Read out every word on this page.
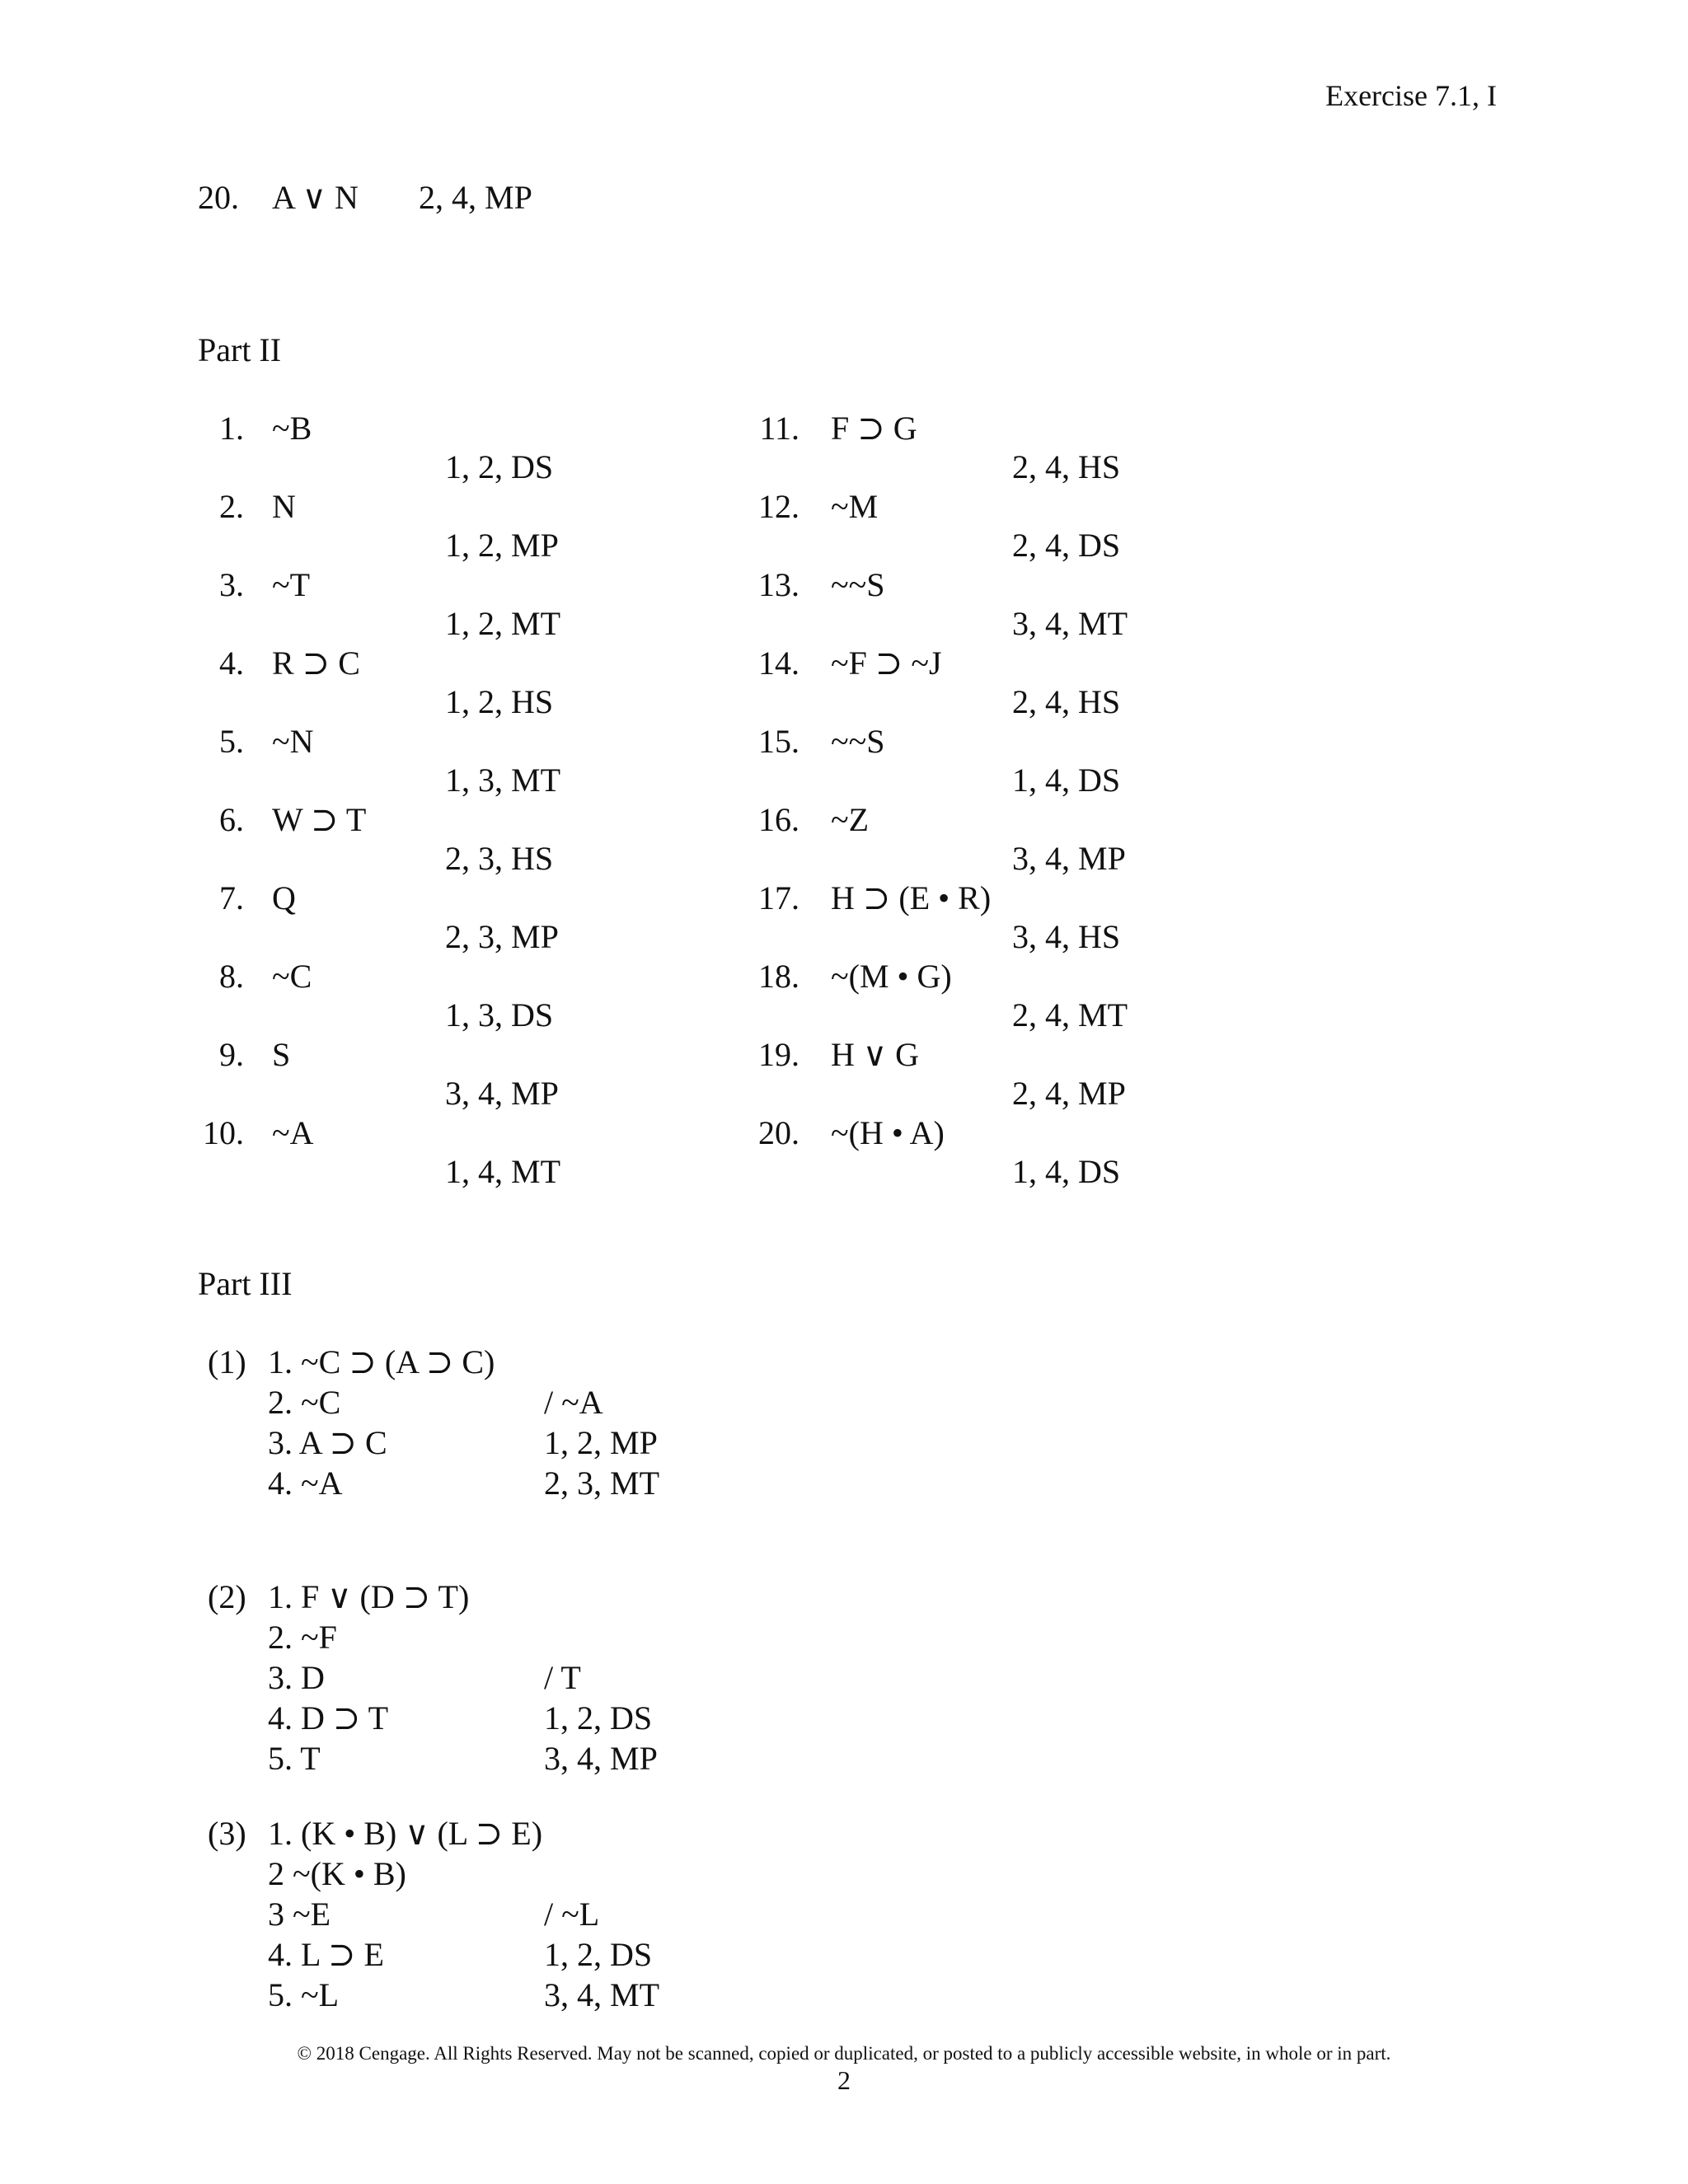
Exercise 7.1, I
20. A ∨ N 2, 4, MP
Part II
1. ~B
1, 2, DS
2. N
1, 2, MP
3. ~T
1, 2, MT
4. R ⊃ C
1, 2, HS
5. ~N
1, 3, MT
6. W ⊃ T
2, 3, HS
7. Q
2, 3, MP
8. ~C
1, 3, DS
9. S
3, 4, MP
10. ~A
1, 4, MT
11. F ⊃ G
2, 4, HS
12. ~M
2, 4, DS
13. ~~S
3, 4, MT
14. ~F ⊃ ~J
2, 4, HS
15. ~~S
1, 4, DS
16. ~Z
3, 4, MP
17. H ⊃ (E • R)
3, 4, HS
18. ~(M • G)
2, 4, MT
19. H ∨ G
2, 4, MP
20. ~(H • A)
1, 4, DS
Part III
(1) 1. ~C ⊃ (A ⊃ C)
2. ~C	/ ~A
3. A ⊃ C	1, 2, MP
4. ~A	2, 3, MT
(2) 1. F ∨ (D ⊃ T)
2. ~F
3. D	/ T
4. D ⊃ T	1, 2, DS
5. T	3, 4, MP
(3) 1. (K • B) ∨ (L ⊃ E)
2 ~(K • B)
3 ~E	/ ~L
4. L ⊃ E	1, 2, DS
5. ~L	3, 4, MT
© 2018 Cengage. All Rights Reserved. May not be scanned, copied or duplicated, or posted to a publicly accessible website, in whole or in part.
2
